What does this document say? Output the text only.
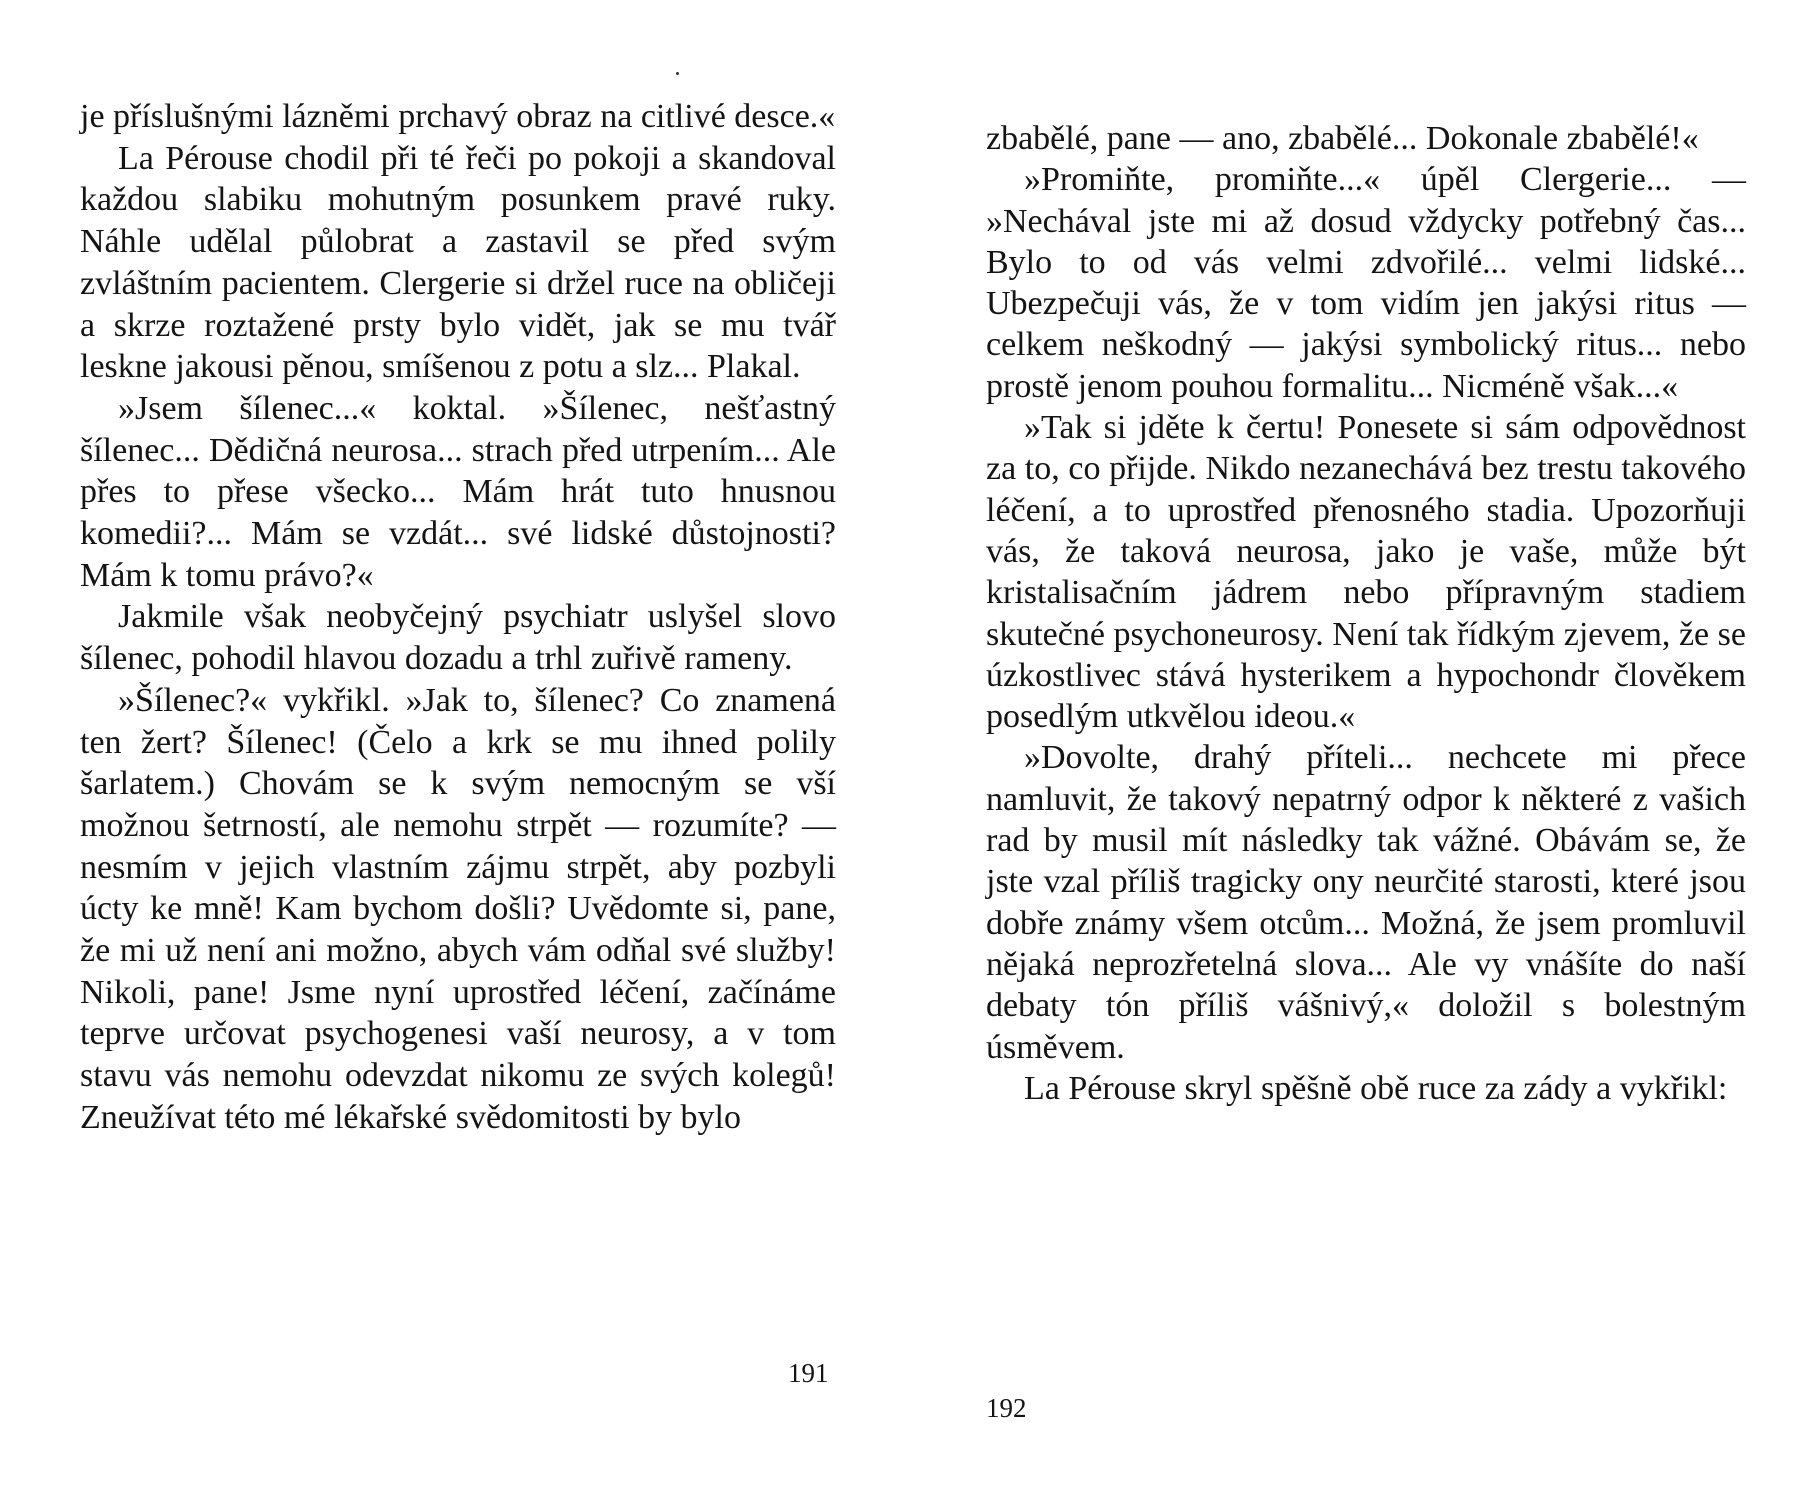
je příslušnými lázněmi prchavý obraz na citlivé desce.«

La Pérouse chodil při té řeči po pokoji a skandoval každou slabiku mohutným posunkem pravé ruky. Náhle udělal půlobrat a zastavil se před svým zvláštním pacientem. Clergerie si držel ruce na obličeji a skrze roztažené prsty bylo vidět, jak se mu tvář leskne jakousi pěnou, smíšenou z potu a slz... Plakal.

»Jsem šílenec...« koktal. »Šílenec, nešťastný šílenec... Dědičná neurosa... strach před utrpením... Ale přes to přese všecko... Mám hrát tuto hnusnou komedii?... Mám se vzdát... své lidské důstojnosti? Mám k tomu právo?«

Jakmile však neobyčejný psychiatr uslyšel slovo šílenec, pohodil hlavou dozadu a trhl zuřivě rameny.

»Šílenec?« vykřikl. »Jak to, šílenec? Co znamená ten žert? Šílenec! (Čelo a krk se mu ihned polily šarlatem.) Chovám se k svým nemocným se vší možnou šetrností, ale nemohu strpět — rozumíte? — nesmím v jejich vlastním zájmu strpět, aby pozbyli úcty ke mně! Kam bychom došli? Uvědomte si, pane, že mi už není ani možno, abych vám odňal své služby! Nikoli, pane! Jsme nyní uprostřed léčení, začínáme teprve určovat psychogenesi vaší neurosy, a v tom stavu vás nemohu odevzdat nikomu ze svých kolegů! Zneužívat této mé lékařské svědomitosti by bylo

191

zbabělé, pane — ano, zbabělé... Dokonale zbabělé!«

»Promiňte, promiňte...« úpěl Clergerie... — »Nechával jste mi až dosud vždycky potřebný čas... Bylo to od vás velmi zdvořilé... velmi lidské... Ubezpečuji vás, že v tom vidím jen jakýsi ritus — celkem neškodný — jakýsi symbolický ritus... nebo prostě jenom pouhou formalitu... Nicméně však...«

»Tak si jděte k čertu! Ponesete si sám odpovědnost za to, co přijde. Nikdo nezanechává bez trestu takového léčení, a to uprostřed přenosného stadia. Upozorňuji vás, že taková neurosa, jako je vaše, může být kristalisačním jádrem nebo přípravným stadiem skutečné psychoneurosy. Není tak řídkým zjevem, že se úzkostlivec stává hysterikem a hypochondr člověkem posedlým utkvělou ideou.«

»Dovolte, drahý příteli... nechcete mi přece namluvit, že takový nepatrný odpor k některé z vašich rad by musil mít následky tak vážné. Obávám se, že jste vzal příliš tragicky ony neurčité starosti, které jsou dobře známy všem otcům... Možná, že jsem promluvil nějaká neprozřetelná slova... Ale vy vnášíte do naší debaty tón příliš vášnivý,« doložil s bolestným úsměvem.

La Pérouse skryl spěšně obě ruce za zády a vykřikl:

192
